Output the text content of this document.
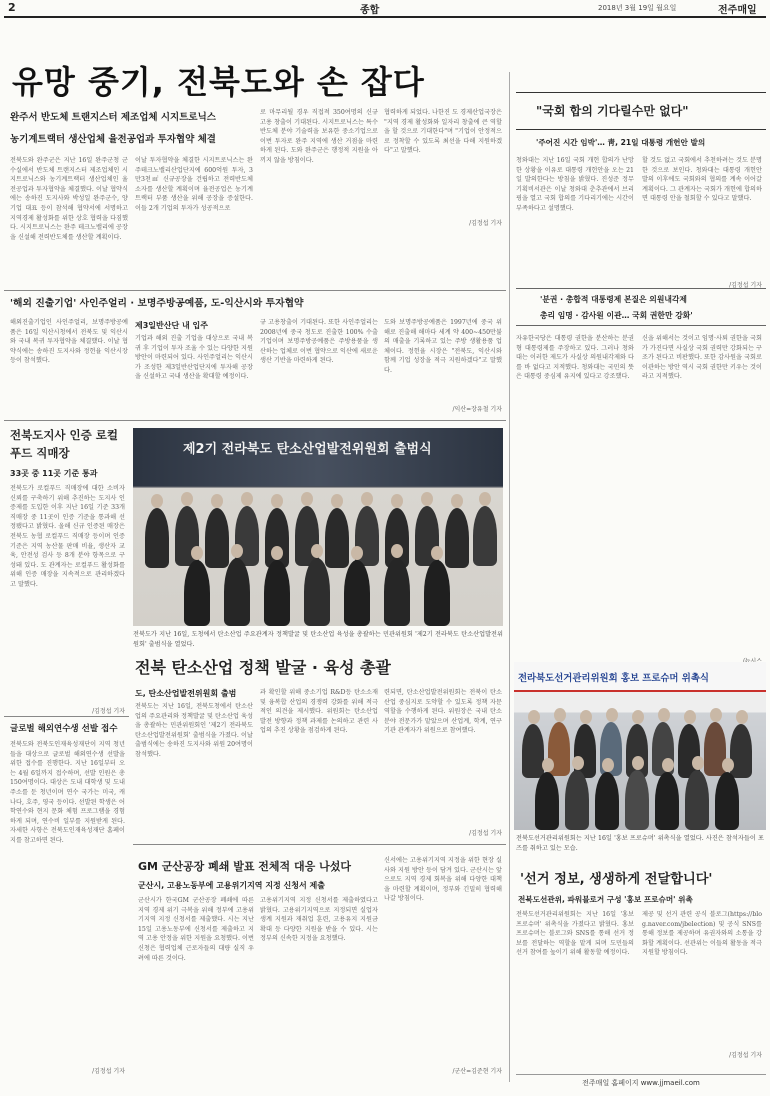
2	종합	2018년 3월 19일 월요일	전주매일
유망 중기, 전북도와 손 잡다
완주서 반도체 트랜지스터 제조업체 시지트로닉스
농기계트랙터 생산업체 율전공업과 투자협약 체결
전북도와 완주군은 지난 16일 완주군청 군수실에서 반도체 트랜지스터 제조업체인 시지트로닉스와 농기계트랙터 생산업체인 율전공업과 투자협약을 체결했다. 이날 협약식에는 송하진 도지사와 박성일 완주군수, 양 기업 대표 등이 참석해 협약서에 서명하고 지역경제 활성화를 위한 상호 협력을 다짐했다. 시지트로닉스는 완주 테크노밸리에 공장을 신설해 전력반도체를 생산할 계획이다.
이날 투자협약을 체결한 시지트로닉스는 완주테크노밸리산업단지에 600억원 투자, 3만3천㎡ 신규공장을 건립하고 전력반도체 소자를 생산할 계획이며 율전공업은 농기계 트랙터 부품 생산을 위해 공장을 증설한다. 이들 2개 기업의 투자가 성공적으로
로 마무리될 경우 직접적 350여명의 신규 고용 창출이 기대된다. 시지트로닉스는 특수 반도체 분야 기술력을 보유한 중소기업으로 이번 투자로 완주 지역에 생산 거점을 마련하게 된다. 도와 완주군은 행정적 지원을 아끼지 않을 방침이다.
협력하게 되었다. 나한진 도 경제산업국장은 "지역 경제 활성화와 일자리 창출에 큰 역할을 할 것으로 기대한다"며 "기업이 안정적으로 정착할 수 있도록 최선을 다해 지원하겠다"고 말했다.
/김정섭 기자
'해외 진출기업' 사인주얼리 · 보명주방공예품, 도-익산시와 투자협약
해외진출기업인 사인주얼리, 보명주방공예품은 16일 익산시청에서 전북도 및 익산시와 국내 복귀 투자협약을 체결했다. 이날 협약식에는 송하진 도지사와 정헌율 익산시장 등이 참석했다.
제3일반산단 내 입주
기업과 해외 진출 기업을 대상으로 국내 복귀 후 기업이 투자 조율 수 있는 다양한 지원 방안이 마련되어 있다. 사인주얼리는 익산시가 조성한 제3일반산업단지에 투자해 공장을 신설하고 국내 생산을 확대할 예정이다.
규 고용창출이 기대된다. 또한 사인주얼리는 2008년에 중국 청도로 진출한 100% 수출기업이며 보명주방공예품은 주방용품을 생산하는 업체로 이번 협약으로 익산에 새로운 생산 기반을 마련하게 된다.
도와 보명주방공예품은 1997년에 중국 위해로 진출해 해마다 세계 약 400~450만불의 매출을 기록하고 있는 주방 생활용품 업체이다. 정헌율 시장은 "전북도, 익산시와 함께 기업 성장을 적극 지원하겠다"고 말했다.
/익산=장유철 기자
전북도지사 인증 로컬푸드 직매장
33곳 중 11곳 기준 통과
전북도가 로컬푸드 직매장에 대한 소비자 신뢰를 구축하기 위해 추진하는 도지사 인증제를 도입한 이후 지난 16일 기준 33개 직매장 중 11곳이 인증 기준을 통과해 선정됐다고 밝혔다. 올해 신규 인증된 매장은 전북도 농협 로컬푸드 직매장 등이며 인증 기준은 지역 농산물 판매 비율, 생산자 교육, 안전성 검사 등 8개 분야 항목으로 구성돼 있다. 도 관계자는 로컬푸드 활성화를 위해 인증 매장을 지속적으로 관리하겠다고 말했다.
/김정섭 기자
글로벌 해외연수생 선발 접수
전북도와 전북도인재육성재단이 지역 청년들을 대상으로 글로벌 해외연수생 선발을 위한 접수를 진행한다. 지난 16일부터 오는 4월 6일까지 접수하며, 선발 인원은 총 150여명이다. 대상은 도내 대학생 및 도내 주소를 둔 청년이며 연수 국가는 미국, 캐나다, 호주, 영국 등이다. 선발된 학생은 어학연수와 현지 문화 체험 프로그램을 경험하게 되며, 연수비 일부를 지원받게 된다. 자세한 사항은 전북도인재육성재단 홈페이지를 참고하면 된다.
/김정섭 기자
제2기 전라북도 탄소산업발전위원회 출범식
전북도가 지난 16일, 도청에서 탄소산업 주요관계자 정책발굴 및 탄소산업 육성을 총괄하는 민관위원회 '제2기 전라북도 탄소산업발전위원회' 출범식을 열었다.
전북 탄소산업 정책 발굴 · 육성 총괄
도, 탄소산업발전위원회 출범
전북도는 지난 16일, 전북도청에서 탄소산업의 주요관리와 정책발굴 및 탄소산업 육성을 총괄하는 민관위원회인 '제2기 전라북도 탄소산업발전위원회' 출범식을 가졌다. 이날 출범식에는 송하진 도지사와 위원 20여명이 참석했다.
과 확인할 위해 중소기업 R&D등 탄소소재 및 융복합 산업의 경쟁력 강화를 위해 적극적인 의견을 제시했다. 위원회는 탄소산업 발전 방향과 정책 과제를 논의하고 관련 사업의 추진 상황을 점검하게 된다.
련되면, 탄소산업발전위원회는 전북이 탄소산업 중심지로 도약할 수 있도록 정책 자문 역할을 수행하게 된다. 위원장은 국내 탄소분야 전문가가 맡았으며 산업계, 학계, 연구기관 관계자가 위원으로 참여했다.
/김정섭 기자
GM 군산공장 폐쇄 발표 전체적 대응 나섰다
군산시, 고용노동부에 고용위기지역 지정 신청서 제출
군산시가 한국GM 군산공장 폐쇄에 따른 지역 경제 위기 극복을 위해 정부에 고용위기지역 지정 신청서를 제출했다. 시는 지난 15일 고용노동부에 신청서를 제출하고 지역 고용 안정을 위한 지원을 요청했다. 이번 신청은 협력업체 근로자들의 대량 실직 우려에 따른 것이다.
고용위기지역 지정 신청서를 제출하였다고 밝혔다. 고용위기지역으로 지정되면 실업자 생계 지원과 재취업 훈련, 고용유지 지원금 확대 등 다양한 지원을 받을 수 있다. 시는 정부의 신속한 지정을 요청했다.
신서에는 고용위기지역 지정을 위한 현장 실사와 지원 방안 등이 담겨 있다. 군산시는 앞으로도 지역 경제 회복을 위해 다양한 대책을 마련할 계획이며, 정부와 긴밀히 협력해 나갈 방침이다.
/군산=김준현 기자
"국회 합의 기다릴수만 없다"
'주어진 시간 임박'… 靑, 21일 대통령 개헌안 발의
청와대는 지난 16일 국회 개헌 합의가 난망한 상황을 이유로 대통령 개헌안을 오는 21일 발의한다는 방침을 밝혔다. 진성준 정무기획비서관은 이날 청와대 춘추관에서 브리핑을 열고 국회 합의를 기다리기에는 시간이 부족하다고 설명했다.
할 것도 없고 국회에서 추천하려는 것도 분명한 것으로 보인다. 청와대는 대통령 개헌안 발의 이후에도 국회와의 협의를 계속 이어갈 계획이다. 그 관계자는 국회가 개헌에 합의하면 대통령 안을 철회할 수 있다고 말했다.
/김정섭 기자
'분권 · 총합적 대통령제 본질은 의원내각제
총리 임명 · 감사원 이관… 국회 권한만 강화'
자유한국당은 대통령 권한을 분산하는 분권형 대통령제를 주장하고 있다. 그러나 청와대는 이러한 제도가 사실상 의원내각제와 다를 바 없다고 지적했다. 청와대는 국민의 뜻은 대통령 중심제 유지에 있다고 강조했다.
신을 위해서는 것이고 임명·사퇴 권한을 국회가 가진다면 사실상 국회 권력만 강화되는 구조가 된다고 비판했다. 또한 감사원을 국회로 이관하는 방안 역시 국회 권한만 키우는 것이라고 지적했다.
전라북도선거관리위원회 홍보 프로슈머 위촉식
전북도선거관리위원회는 지난 16일 '홍보 프로슈머' 위촉식을 열었다. 사진은 참석자들이 포즈를 취하고 있는 모습.
'선거 정보, 생생하게 전달합니다'
전북도선관위, 파워블로거 구성 '홍보 프로슈머' 위촉
전북도선거관리위원회는 지난 16일 '홍보 프로슈머' 위촉식을 가졌다고 밝혔다. 홍보 프로슈머는 블로그와 SNS를 통해 선거 정보를 전달하는 역할을 맡게 되며 도민들의 선거 참여를 높이기 위해 활동할 예정이다.
제공 및 선거 관련 공식 블로그(https://blog.naver.com/jbelection) 및 공식 SNS를 통해 정보를 제공하며 유권자와의 소통을 강화할 계획이다. 선관위는 이들의 활동을 적극 지원할 방침이다.
/김정섭 기자
전주매일 홈페이지 www.jjmaeil.com
